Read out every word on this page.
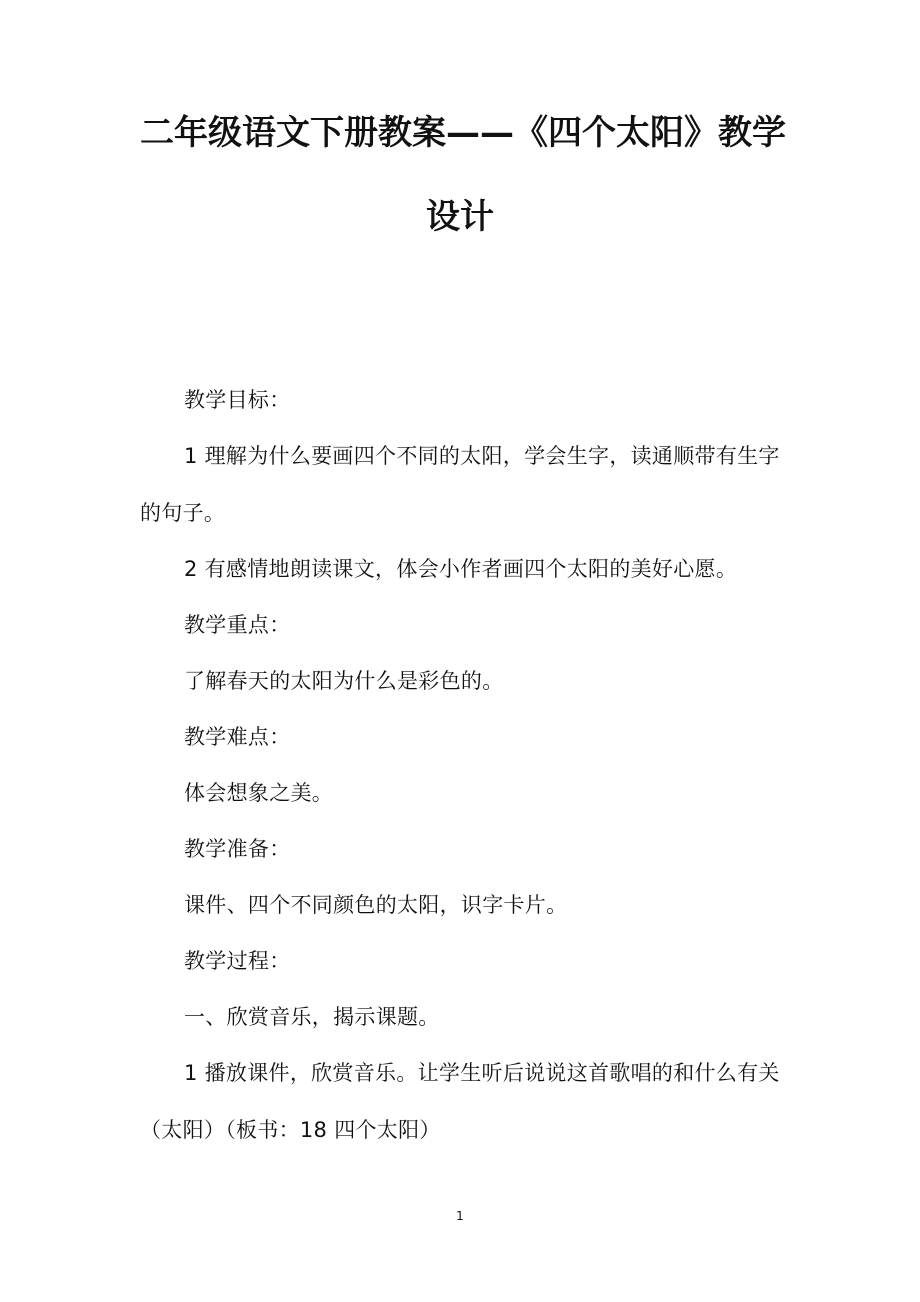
二年级语文下册教案——《四个太阳》教学
设计

教学目标：

1 理解为什么要画四个不同的太阳，学会生字，读通顺带有生字的句子。

2 有感情地朗读课文，体会小作者画四个太阳的美好心愿。

教学重点：

了解春天的太阳为什么是彩色的。

教学难点：

体会想象之美。

教学准备：

课件、四个不同颜色的太阳，识字卡片。

教学过程：

一、欣赏音乐，揭示课题。

1 播放课件，欣赏音乐。让学生听后说说这首歌唱的和什么有关（太阳）（板书：18 四个太阳）

1
